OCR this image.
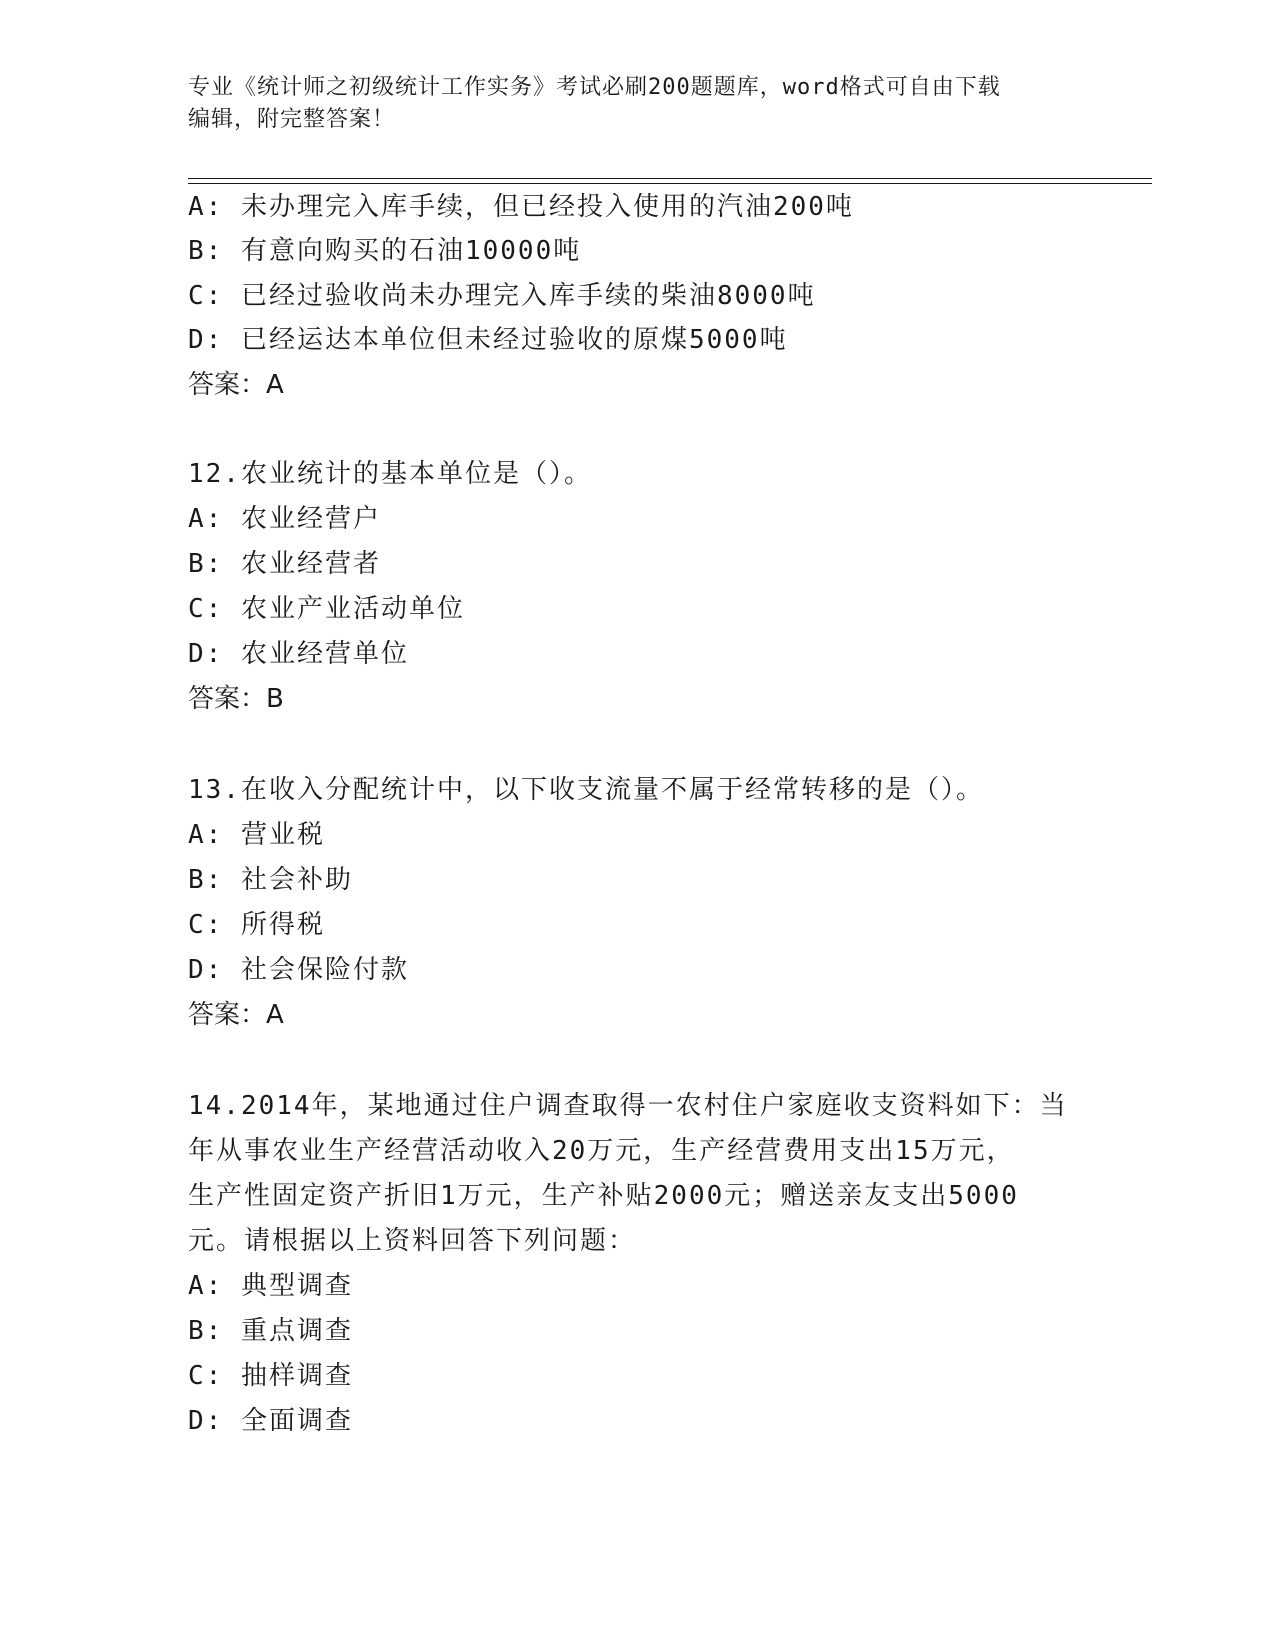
专业《统计师之初级统计工作实务》考试必刷200题题库，word格式可自由下载
编辑，附完整答案！
A: 未办理完入库手续，但已经投入使用的汽油200吨
B: 有意向购买的石油10000吨
C: 已经过验收尚未办理完入库手续的柴油8000吨
D: 已经运达本单位但未经过验收的原煤5000吨
答案：A
12.农业统计的基本单位是（）。
A: 农业经营户
B: 农业经营者
C: 农业产业活动单位
D: 农业经营单位
答案：B
13.在收入分配统计中，以下收支流量不属于经常转移的是（）。
A: 营业税
B: 社会补助
C: 所得税
D: 社会保险付款
答案：A
14.2014年，某地通过住户调查取得一农村住户家庭收支资料如下：当
年从事农业生产经营活动收入20万元，生产经营费用支出15万元，
生产性固定资产折旧1万元，生产补贴2000元；赠送亲友支出5000
元。请根据以上资料回答下列问题：
A: 典型调查
B: 重点调查
C: 抽样调查
D: 全面调查
